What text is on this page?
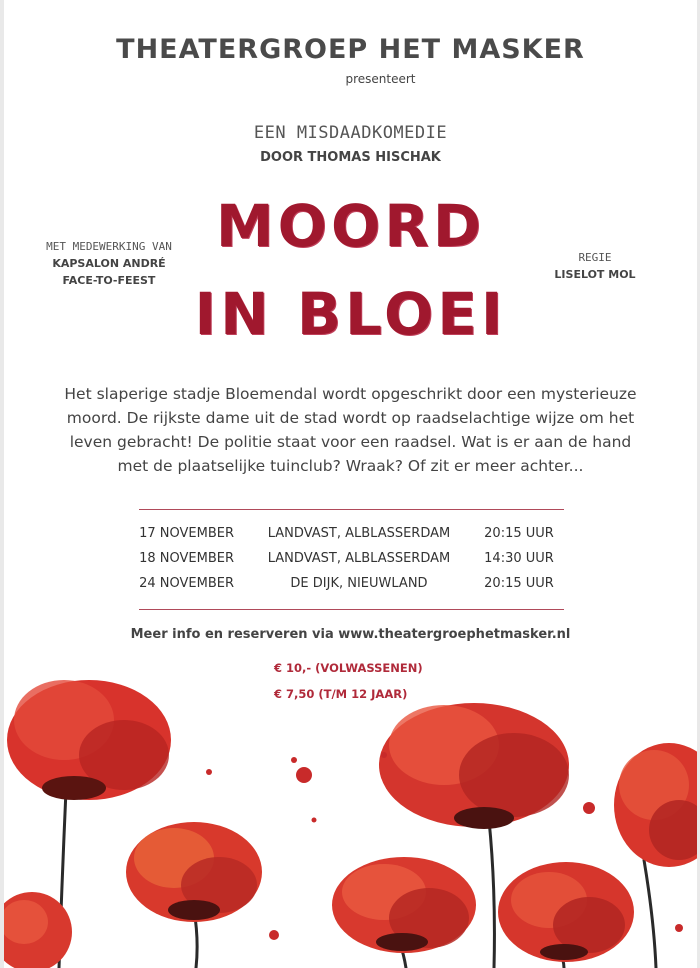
THEATERGROEP HET MASKER
presenteert
EEN MISDAADKOMEDIE
DOOR THOMAS HISCHAK
MOORD
IN BLOEI
MET MEDEWERKING VAN
KAPSALON ANDRÉ
FACE-TO-FEEST
REGIE
LISELOT MOL
Het slaperige stadje Bloemendal wordt opgeschrikt door een mysterieuze moord. De rijkste dame uit de stad wordt op raadselachtige wijze om het leven gebracht! De politie staat voor een raadsel. Wat is er aan de hand met de plaatselijke tuinclub? Wraak? Of zit er meer achter...
17 NOVEMBER	LANDVAST, ALBLASSERDAM	20:15 UUR
18 NOVEMBER	LANDVAST, ALBLASSERDAM	14:30 UUR
24 NOVEMBER	DE DIJK, NIEUWLAND	20:15 UUR
Meer info en reserveren via www.theatergroephetmasker.nl
€ 10,- (VOLWASSENEN)
€ 7,50 (T/M 12 JAAR)
